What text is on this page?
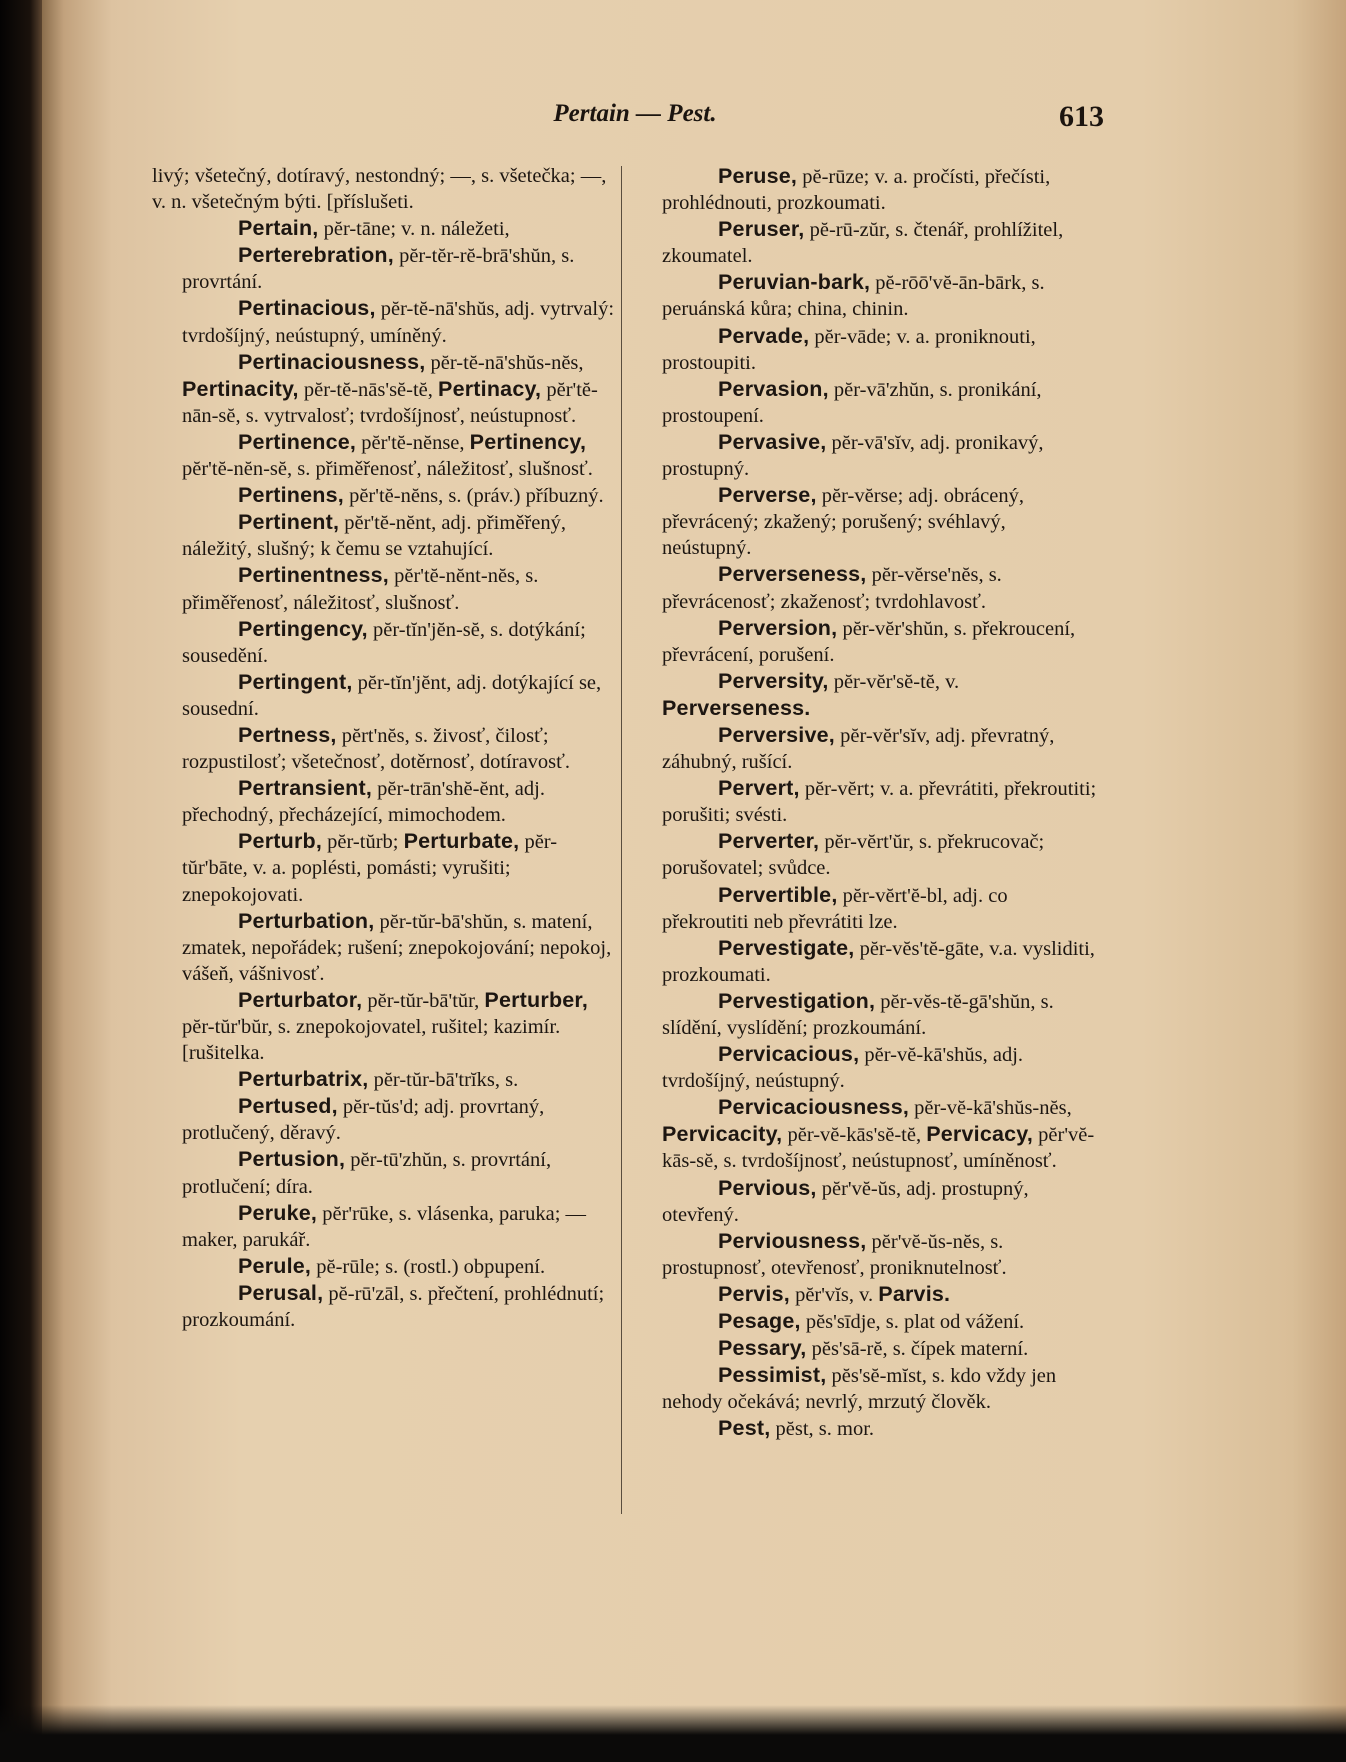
Pertain — Pest.	613

livý; všetečný, dotíravý, nestondný; —, s. všetečka; —, v. n. všetečným býti. [příslušeti.

Pertain, pĕr-tāne; v. n. náležeti,

Perterebration, pĕr-tĕr-rĕ-brā'shŭn, s. provrtání.

Pertinacious, pĕr-tĕ-nā'shŭs, adj. vytrvalý: tvrdošíjný, neústupný, umíněný.

Pertinaciousness, pĕr-tĕ-nā'shŭs-nĕs, Pertinacity, pĕr-tĕ-nās'sĕ-tĕ, Pertinacy, pĕr'tĕ-nān-sĕ, s. vytrvalosť; tvrdošíjnosť, neústupnosť.

Pertinence, pĕr'tĕ-nĕnse, Pertinency, pĕr'tĕ-nĕn-sĕ, s. přiměřenosť, náležitosť, slušnosť.

Pertinens, pĕr'tĕ-nĕns, s. (práv.) příbuzný.

Pertinent, pĕr'tĕ-nĕnt, adj. přiměřený, náležitý, slušný; k čemu se vztahující.

Pertinentness, pĕr'tĕ-nĕnt-nĕs, s. přiměřenosť, náležitosť, slušnosť.

Pertingency, pĕr-tĭn'jĕn-sĕ, s. dotýkání; sousedění.

Pertingent, pĕr-tĭn'jĕnt, adj. dotýkající se, sousední.

Pertness, pĕrt'nĕs, s. živosť, čilosť; rozpustilosť; všetečnosť, dotěrnosť, dotíravosť.

Pertransient, pĕr-trān'shĕ-ĕnt, adj. přechodný, přecházející, mimochodem.

Perturb, pĕr-tŭrb; Perturbate, pĕr-tŭr'bāte, v. a. poplésti, pomásti; vyrušiti; znepokojovati.

Perturbation, pĕr-tŭr-bā'shŭn, s. matení, zmatek, nepořádek; rušení; znepokojování; nepokoj, vášeň, vášnivosť.

Perturbator, pĕr-tŭr-bā'tŭr, Perturber, pĕr-tŭr'bŭr, s. znepokojovatel, rušitel; kazimír. [rušitelka.

Perturbatrix, pĕr-tŭr-bā'trĭks, s.

Pertused, pĕr-tŭs'd; adj. provrtaný, protlučený, děravý.

Pertusion, pĕr-tū'zhŭn, s. provrtání, protlučení; díra.

Peruke, pĕr'rūke, s. vlásenka, paruka; — maker, parukář.

Perule, pĕ-rūle; s. (rostl.) obpupení.

Perusal, pĕ-rū'zāl, s. přečtení, prohlédnutí; prozkoumání.

Peruse, pĕ-rūze; v. a. pročísti, přečísti, prohlédnouti, prozkoumati.

Peruser, pĕ-rū-zŭr, s. čtenář, prohlížitel, zkoumatel.

Peruvian-bark, pĕ-rōō'vĕ-ān-bārk, s. peruánská kůra; china, chinin.

Pervade, pĕr-vāde; v. a. proniknouti, prostoupiti.

Pervasion, pĕr-vā'zhŭn, s. pronikání, prostoupení.

Pervasive, pĕr-vā'sĭv, adj. pronikavý, prostupný.

Perverse, pĕr-vĕrse; adj. obrácený, převrácený; zkažený; porušený; svéhlavý, neústupný.

Perverseness, pĕr-vĕrse'nĕs, s. převrácenosť; zkaženosť; tvrdohlavosť.

Perversion, pĕr-vĕr'shŭn, s. překroucení, převrácení, porušení.

Perversity, pĕr-vĕr'sĕ-tĕ, v. Perverseness.

Perversive, pĕr-vĕr'sĭv, adj. převratný, záhubný, rušící.

Pervert, pĕr-vĕrt; v. a. převrátiti, překroutiti; porušiti; svésti.

Perverter, pĕr-vĕrt'ŭr, s. překrucovač; porušovatel; svůdce.

Pervertible, pĕr-vĕrt'ĕ-bl, adj. co překroutiti neb převrátiti lze.

Pervestigate, pĕr-vĕs'tĕ-gāte, v.a. vysliditi, prozkoumati.

Pervestigation, pĕr-vĕs-tĕ-gā'shŭn, s. slídění, vyslídění; prozkoumání.

Pervicacious, pĕr-vĕ-kā'shŭs, adj. tvrdošíjný, neústupný.

Pervicaciousness, pĕr-vĕ-kā'shŭs-nĕs, Pervicacity, pĕr-vĕ-kās'sĕ-tĕ, Pervicacy, pĕr'vĕ-kās-sĕ, s. tvrdošíjnosť, neústupnosť, umíněnosť.

Pervious, pĕr'vĕ-ŭs, adj. prostupný, otevřený.

Perviousness, pĕr'vĕ-ŭs-nĕs, s. prostupnosť, otevřenosť, proniknutelnosť.

Pervis, pĕr'vĭs, v. Parvis.

Pesage, pĕs'sīdje, s. plat od vážení.

Pessary, pĕs'sā-rĕ, s. čípek materní.

Pessimist, pĕs'sĕ-mĭst, s. kdo vždy jen nehody očekává; nevrlý, mrzutý člověk.

Pest, pĕst, s. mor.
